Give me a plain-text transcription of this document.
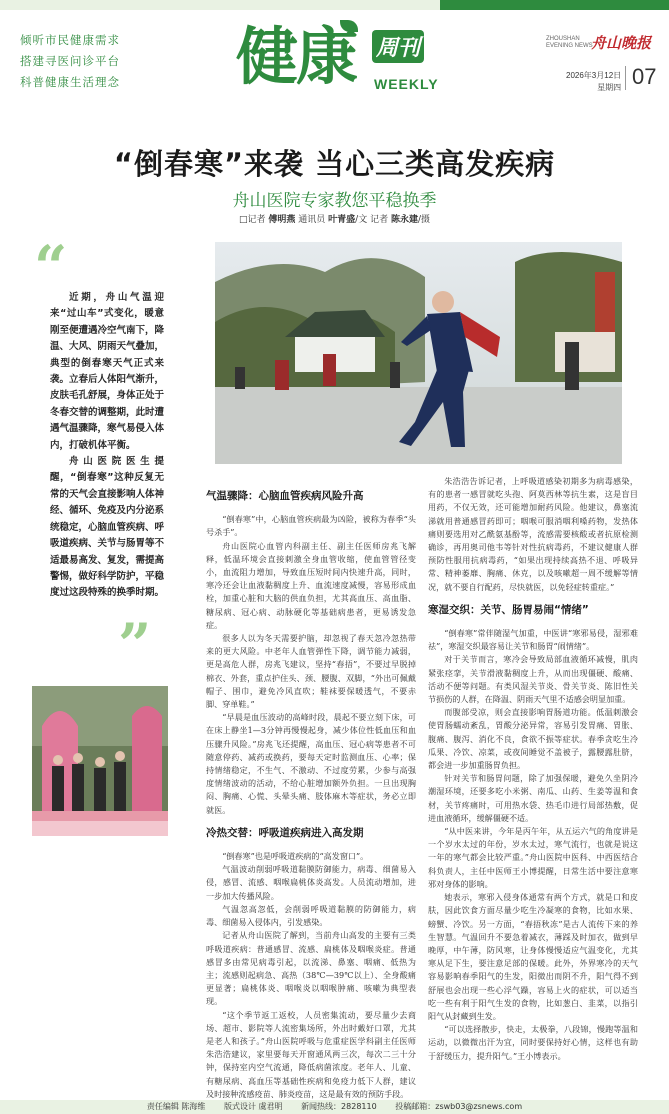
倾听市民健康需求
搭建寻医问诊平台
科普健康生活理念 健康 周刊
WEEKLY
ZHOUSHAN
EVENING NEWS
舟山晚报
2026年3月12日
星期四 07
“倒春寒”来袭 当心三类高发疾病
舟山医院专家教您平稳换季
□记者 傅明燕 通讯员 叶青盛/文 记者 陈永建/摄
“
”

近期，舟山气温迎来“过山车”式变化，暖意刚至便遭遇冷空气南下，降温、大风、阴雨天气叠加，典型的倒春寒天气正式来袭。立春后人体阳气渐升，皮肤毛孔舒展，身体正处于冬春交替的调整期，此时遭遇气温骤降，寒气易侵入体内，打破机体平衡。

舟山医院医生提醒，“倒春寒”这种反复无常的天气会直接影响人体神经、循环、免疫及内分泌系统稳定，心脑血管疾病、呼吸道疾病、关节与肠胃等不适最易高发、复发，需提高警惕，做好科学防护，平稳度过这段特殊的换季时期。

气温骤降：心脑血管疾病风险升高

“倒春寒”中，心脑血管疾病最为凶险，被称为春季“头号杀手”。

舟山医院心血管内科副主任、副主任医师房兆飞解释，低温环境会直接刺激全身血管收缩，使血管管径变小，血流阻力增加，导致血压短时间内快速升高，同时，寒冷还会让血液黏稠度上升、血流速度减慢，容易形成血栓，加重心脏和大脑的供血负担，尤其高血压、高血脂、糖尿病、冠心病、动脉硬化等基础病患者，更易诱发急症。

很多人以为冬天需要护脑，却忽视了春天忽冷忽热带来的更大风险。中老年人血管弹性下降，调节能力减弱，更是高危人群，房兆飞建议，坚持“春捂”，不要过早脱掉棉衣、外套，重点护住头、颈、腰腹、双脚，“外出可佩戴帽子、围巾，避免冷风直吹；鞋袜要保暖透气，不要赤脚、穿单鞋。”

“早晨是血压波动的高峰时段，晨起不要立刻下床，可在床上静坐1—3分钟再慢慢起身，减少体位性低血压和血压骤升风险。”房兆飞还提醒，高血压、冠心病等患者不可随意停药、减药或换药，要每天定时监测血压、心率；保持情绪稳定，不生气、不激动、不过度劳累，少参与高强度情绪波动的活动，不给心脏增加额外负担。一旦出现胸闷、胸痛、心慌、头晕头痛、肢体麻木等症状，务必立即就医。

冷热交替：呼吸道疾病进入高发期

“倒春寒”也是呼吸道疾病的“高发窗口”。

气温波动削弱呼吸道黏膜防御能力，病毒、细菌易入侵，感冒、流感、咽喉扁桃体炎高发。人员流动增加，进一步加大传播风险。

气温忽高忽低，会削弱呼吸道黏膜的防御能力，病毒、细菌易入侵体内，引发感染。

记者从舟山医院了解到，当前舟山高发的主要有三类呼吸道疾病：普通感冒、流感、扁桃体及咽喉炎症。普通感冒多由常见病毒引起，以流涕、鼻塞、咽痛、低热为主；流感则起病急、高热（38℃—39℃以上）、全身酸痛更显著；扁桃体炎、咽喉炎以咽喉肿痛、咳嗽为典型表现。

“这个季节返工返校，人员密集流动，要尽量少去商场、超市、影院等人流密集场所，外出时戴好口罩，尤其是老人和孩子。”舟山医院呼吸与危重症医学科副主任医师朱浩浩建议，家里要每天开窗通风两三次，每次二三十分钟，保持室内空气流通，降低病菌浓度。老年人、儿童、有糖尿病、高血压等基础性疾病和免疫力低下人群，建议及时接种流感疫苗、肺炎疫苗，这是最有效的预防手段。

朱浩浩告诉记者，上呼吸道感染初期多为病毒感染，有的患者一感冒就吃头孢、阿莫西林等抗生素，这是盲目用药，不仅无效，还可能增加耐药风险。他建议，鼻塞流涕就用普通感冒药即可；咽喉可服消咽利嗓药物，发热体痛则要选用对乙酰氨基酚等，流感需要核酸或者抗原检测确诊，再用奥司他韦等针对性抗病毒药，不建议健康人群预防性服用抗病毒药，“如果出现持续高热不退、呼吸异常、精神萎靡、胸痛、休克，以及咳嗽超一周不缓解等情况，就不要自行配药，尽快就医，以免轻症转重症。”

寒湿交织：关节、肠胃易闹“情绪”

“倒春寒”常伴随湿气加重，中医讲“寒邪易侵，湿邪难祛”，寒湿交织最容易让关节和肠胃“闹情绪”。

对于关节而言，寒冷会导致局部血液循环减慢，肌肉紧张痉挛，关节滑液黏稠度上升，从而出现僵硬、酸痛、活动不便等问题。有类风湿关节炎、骨关节炎、陈旧性关节损伤的人群，在降温、阴雨天气里不适感会明显加重。

而腹部受凉，则会直接影响胃肠道功能。低温刺激会使胃肠蠕动紊乱，胃酸分泌异常，容易引发胃痛、胃胀、腹痛、腹泻、消化不良，食欲不振等症状。春季贪吃生冷瓜果、冷饮、凉菜，或夜间睡觉不盖被子，露腰露肚脐，都会进一步加重肠胃负担。

针对关节和肠胃问题，除了加强保暖，避免久坐阴冷潮湿环境，还要多吃小米粥、南瓜、山药、生姜等温和食材，关节疼痛时，可用热水袋、热毛巾进行局部热敷，促进血液循环，缓解僵硬不适。

“从中医来讲，今年是丙午年，从五运六气的角度讲是一个岁水太过的年份，岁水太过，寒气流行，也就是说这一年的寒气都会比较严重。”舟山医院中医科、中西医结合科负责人，主任中医师王小博提醒，日常生活中要注意寒邪对身体的影响。

她表示，寒邪入侵身体通常有两个方式，就是口和皮肤，因此饮食方面尽量少吃生冷凝寒的食物，比如水果、螃蟹、冷饮。另一方面，“春捂秋冻”是古人流传下来的养生智慧。气温回升不要急着减衣，薄踩及时加衣，做到早晚厚，中午薄，防风寒，让身体慢慢适应气温变化，尤其寒从足下生，要注意足部的保暖。此外，外界寒冷的天气容易影响春季阳气的生发，阳微出而阴不升，阳气得不到舒展也会出现一些心浮气躁，容易上火的症状，可以适当吃一些有利于阳气生发的食物，比如葱白、韭菜，以指引阳气从封藏到生发。

“可以选择散步，快走，太极拳，八段锦，慢跑等温和运动，以微微出汗为宜，同时要保持好心情，这样也有助于舒缓压力，提升阳气。”王小博表示。

责任编辑 陈海维 版式设计 虞君明 新闻热线：2828110 投稿邮箱：zswb03@zsnews.com
